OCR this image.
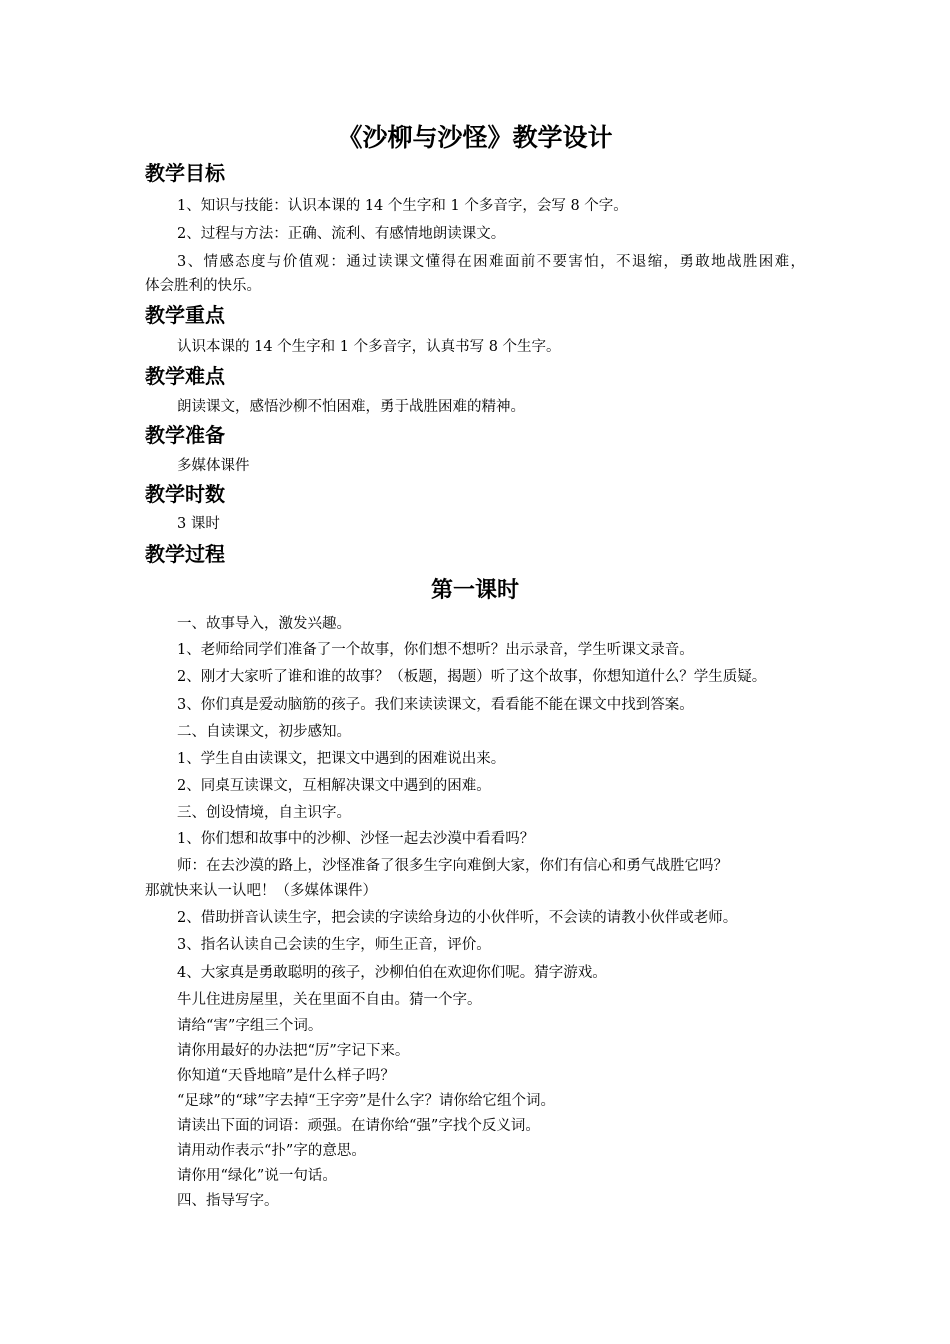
《沙柳与沙怪》教学设计
教学目标
1、知识与技能：认识本课的 14 个生字和 1 个多音字，会写 8 个字。
2、过程与方法：正确、流利、有感情地朗读课文。
3、情感态度与价值观：通过读课文懂得在困难面前不要害怕，不退缩，勇敢地战胜困难，
体会胜利的快乐。
教学重点
认识本课的 14 个生字和 1 个多音字，认真书写 8 个生字。
教学难点
朗读课文，感悟沙柳不怕困难，勇于战胜困难的精神。
教学准备
多媒体课件
教学时数
3 课时
教学过程
第一课时
一、故事导入，激发兴趣。
1、老师给同学们准备了一个故事，你们想不想听？出示录音，学生听课文录音。
2、刚才大家听了谁和谁的故事？（板题，揭题）听了这个故事，你想知道什么？学生质疑。
3、你们真是爱动脑筋的孩子。我们来读读课文，看看能不能在课文中找到答案。
二、自读课文，初步感知。
1、学生自由读课文，把课文中遇到的困难说出来。
2、同桌互读课文，互相解决课文中遇到的困难。
三、创设情境，自主识字。
1、你们想和故事中的沙柳、沙怪一起去沙漠中看看吗？
师：在去沙漠的路上，沙怪准备了很多生字向难倒大家，你们有信心和勇气战胜它吗？
那就快来认一认吧！（多媒体课件）
2、借助拼音认读生字，把会读的字读给身边的小伙伴听，不会读的请教小伙伴或老师。
3、指名认读自己会读的生字，师生正音，评价。
4、大家真是勇敢聪明的孩子，沙柳伯伯在欢迎你们呢。猜字游戏。
牛儿住进房屋里，关在里面不自由。猜一个字。
请给“害”字组三个词。
请你用最好的办法把“厉”字记下来。
你知道“天昏地暗”是什么样子吗？
“足球”的“球”字去掉“王字旁”是什么字？请你给它组个词。
请读出下面的词语：顽强。在请你给“强”字找个反义词。
请用动作表示“扑”字的意思。
请你用“绿化”说一句话。
四、指导写字。
